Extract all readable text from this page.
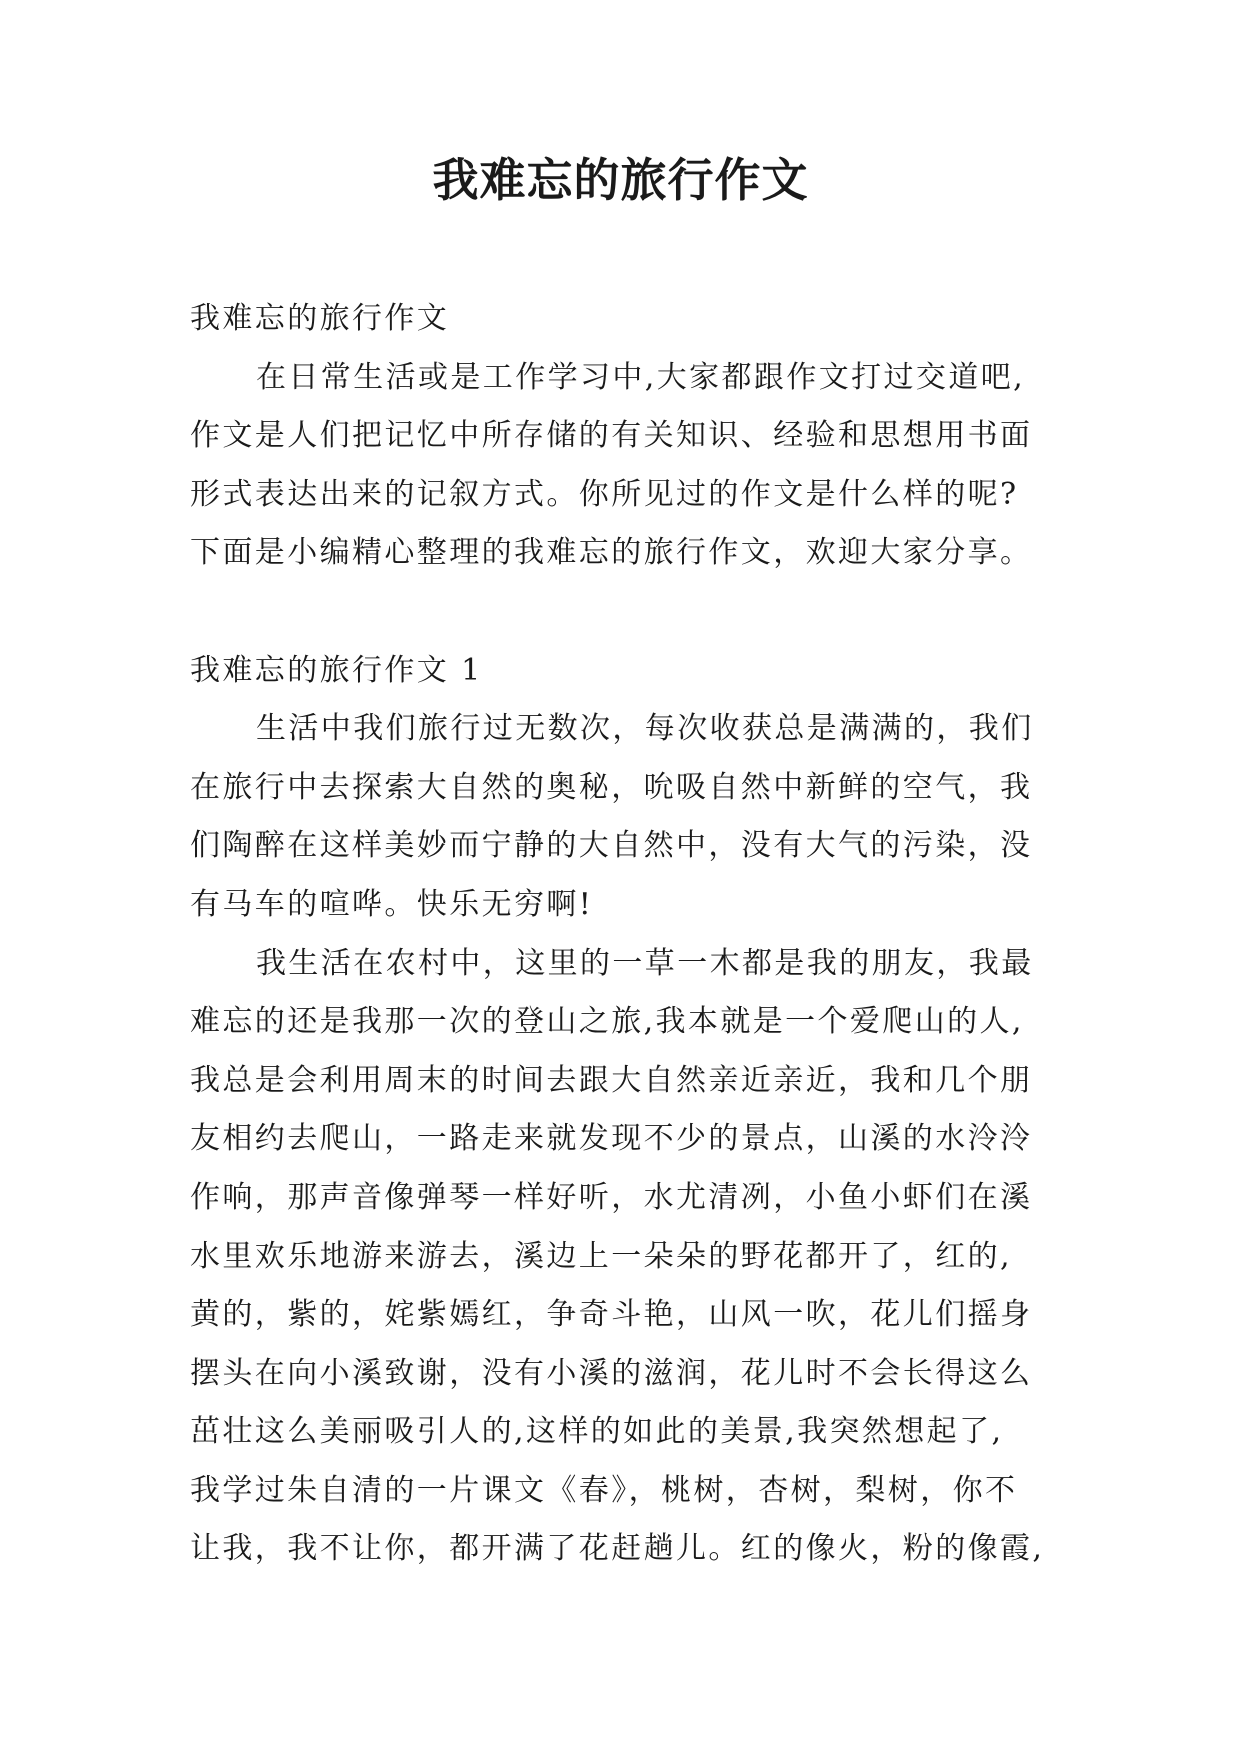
我难忘的旅行作文
我难忘的旅行作文
在日常生活或是工作学习中,大家都跟作文打过交道吧,
作文是人们把记忆中所存储的有关知识、经验和思想用书面
形式表达出来的记叙方式。你所见过的作文是什么样的呢?
下面是小编精心整理的我难忘的旅行作文，欢迎大家分享。
我难忘的旅行作文 1
生活中我们旅行过无数次，每次收获总是满满的，我们
在旅行中去探索大自然的奥秘，吮吸自然中新鲜的空气，我
们陶醉在这样美妙而宁静的大自然中，没有大气的污染，没
有马车的喧哗。快乐无穷啊!
我生活在农村中，这里的一草一木都是我的朋友，我最
难忘的还是我那一次的登山之旅,我本就是一个爱爬山的人,
我总是会利用周末的时间去跟大自然亲近亲近，我和几个朋
友相约去爬山，一路走来就发现不少的景点，山溪的水泠泠
作响，那声音像弹琴一样好听，水尤清冽，小鱼小虾们在溪
水里欢乐地游来游去，溪边上一朵朵的野花都开了，红的,
黄的，紫的，姹紫嫣红，争奇斗艳，山风一吹，花儿们摇身
摆头在向小溪致谢，没有小溪的滋润，花儿时不会长得这么
茁壮这么美丽吸引人的,这样的如此的美景,我突然想起了,
我学过朱自清的一片课文《春》，桃树，杏树，梨树，你不
让我，我不让你，都开满了花赶趟儿。红的像火，粉的像霞,
